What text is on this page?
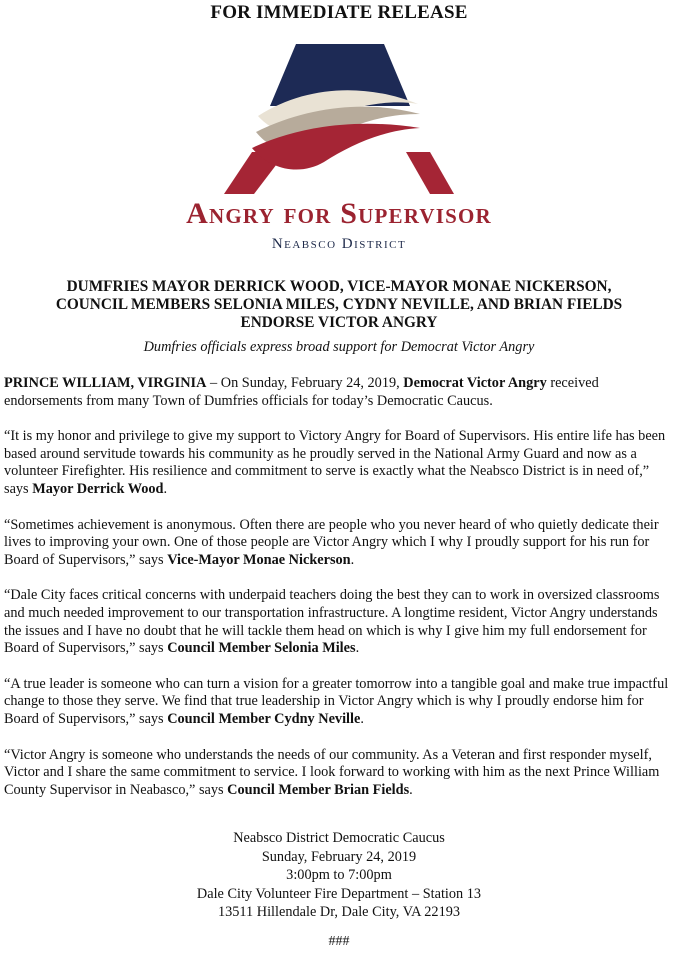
FOR IMMEDIATE RELEASE
Angry for Supervisor
Neabsco District
DUMFRIES MAYOR DERRICK WOOD, VICE-MAYOR MONAE NICKERSON,
COUNCIL MEMBERS SELONIA MILES, CYDNY NEVILLE, AND BRIAN FIELDS
ENDORSE VICTOR ANGRY
Dumfries officials express broad support for Democrat Victor Angry

PRINCE WILLIAM, VIRGINIA – On Sunday, February 24, 2019, Democrat Victor Angry received endorsements from many Town of Dumfries officials for today’s Democratic Caucus.

“It is my honor and privilege to give my support to Victory Angry for Board of Supervisors. His entire life has been based around servitude towards his community as he proudly served in the National Army Guard and now as a volunteer Firefighter. His resilience and commitment to serve is exactly what the Neabsco District is in need of,” says Mayor Derrick Wood.

“Sometimes achievement is anonymous. Often there are people who you never heard of who quietly dedicate their lives to improving your own. One of those people are Victor Angry which I why I proudly support for his run for Board of Supervisors,” says Vice-Mayor Monae Nickerson.

“Dale City faces critical concerns with underpaid teachers doing the best they can to work in oversized classrooms and much needed improvement to our transportation infrastructure. A longtime resident, Victor Angry understands the issues and I have no doubt that he will tackle them head on which is why I give him my full endorsement for Board of Supervisors,” says Council Member Selonia Miles.

“A true leader is someone who can turn a vision for a greater tomorrow into a tangible goal and make true impactful change to those they serve. We find that true leadership in Victor Angry which is why I proudly endorse him for Board of Supervisors,” says Council Member Cydny Neville.

“Victor Angry is someone who understands the needs of our community. As a Veteran and first responder myself, Victor and I share the same commitment to service. I look forward to working with him as the next Prince William County Supervisor in Neabasco,” says Council Member Brian Fields.

Neabsco District Democratic Caucus
Sunday, February 24, 2019
3:00pm to 7:00pm
Dale City Volunteer Fire Department – Station 13
13511 Hillendale Dr, Dale City, VA 22193
###
